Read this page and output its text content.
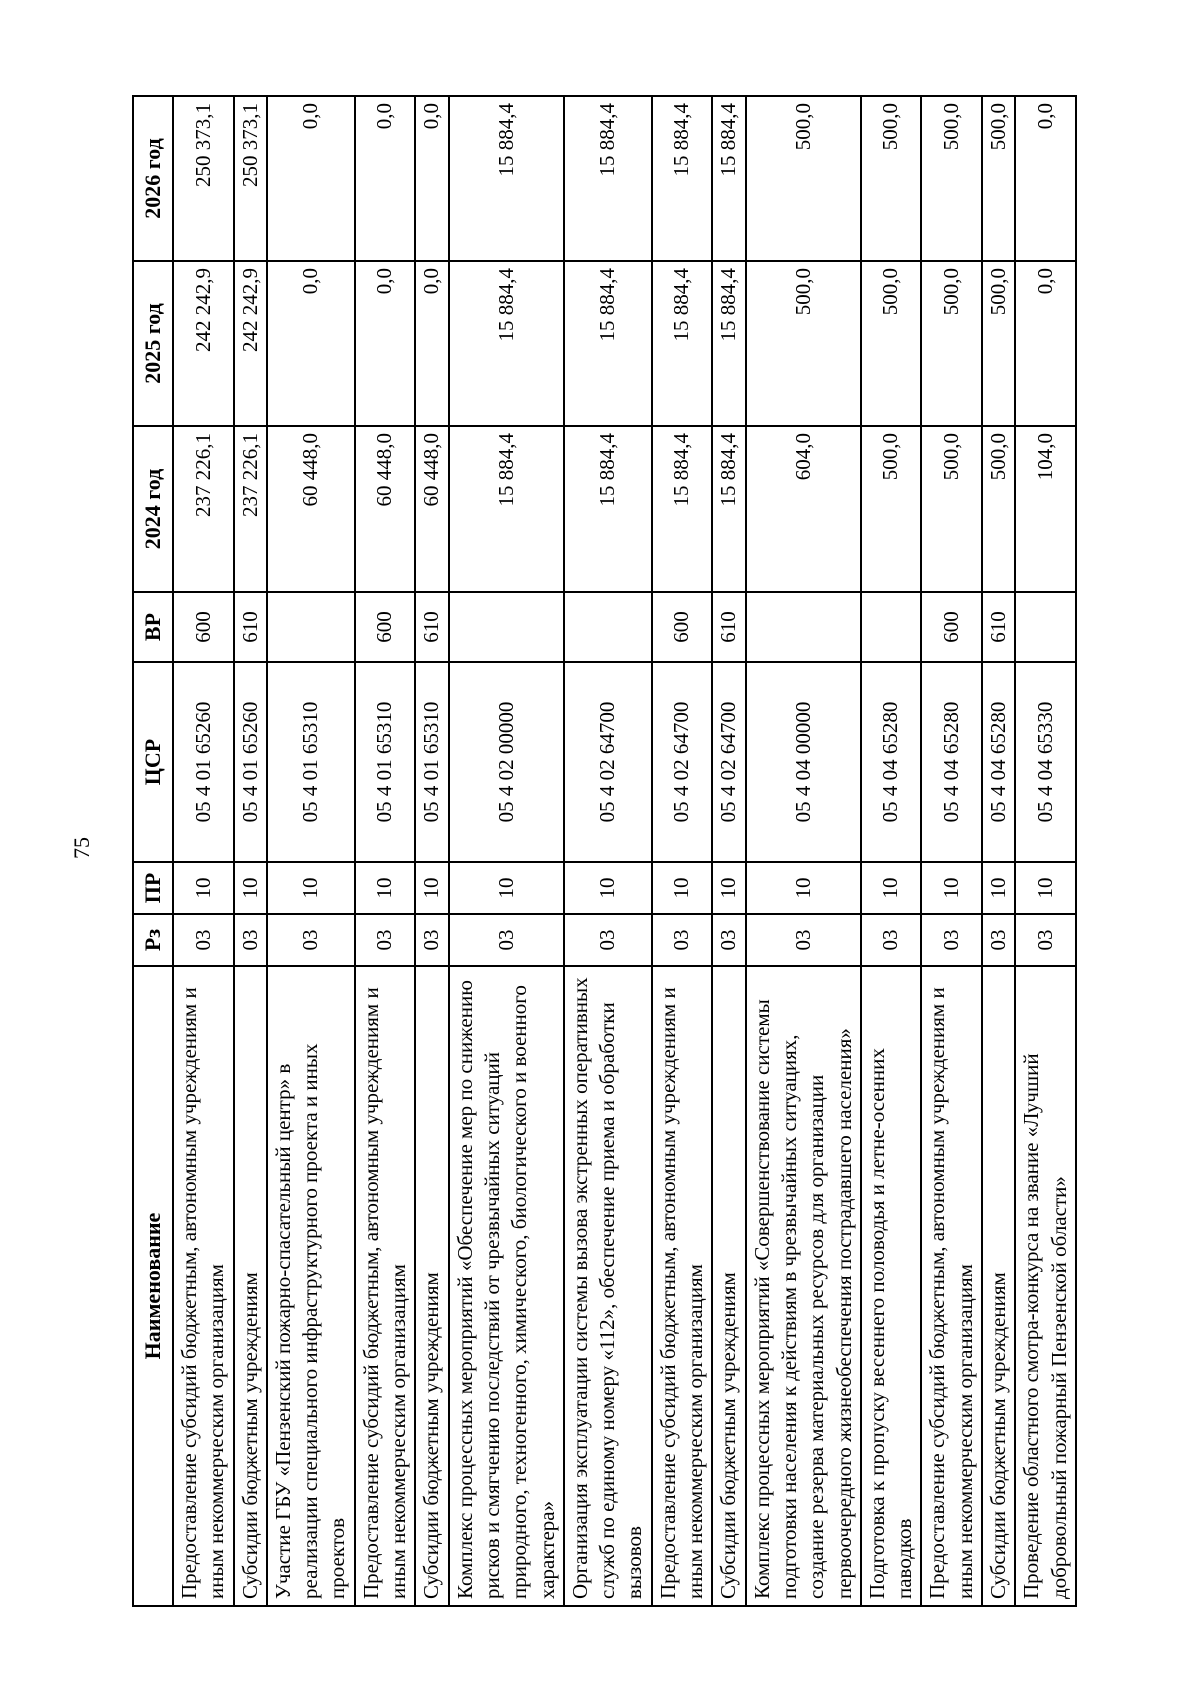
75
Наименование	Рз	ПР	ЦСР	ВР	2024 год	2025 год	2026 год
Предоставление субсидий бюджетным, автономным учреждениям и иным некоммерческим организациям	03	10	05 4 01 65260	600	237 226,1	242 242,9	250 373,1
Субсидии бюджетным учреждениям	03	10	05 4 01 65260	610	237 226,1	242 242,9	250 373,1
Участие ГБУ «Пензенский пожарно-спасательный центр» в реализации специального инфраструктурного проекта и иных проектов	03	10	05 4 01 65310		60 448,0	0,0	0,0
Предоставление субсидий бюджетным, автономным учреждениям и иным некоммерческим организациям	03	10	05 4 01 65310	600	60 448,0	0,0	0,0
Субсидии бюджетным учреждениям	03	10	05 4 01 65310	610	60 448,0	0,0	0,0
Комплекс процессных мероприятий «Обеспечение мер по снижению рисков и смягчению последствий от чрезвычайных ситуаций природного, техногенного, химического, биологического и военного характера»	03	10	05 4 02 00000		15 884,4	15 884,4	15 884,4
Организация эксплуатации системы вызова экстренных оперативных служб по единому номеру «112», обеспечение приема и обработки вызовов	03	10	05 4 02 64700		15 884,4	15 884,4	15 884,4
Предоставление субсидий бюджетным, автономным учреждениям и иным некоммерческим организациям	03	10	05 4 02 64700	600	15 884,4	15 884,4	15 884,4
Субсидии бюджетным учреждениям	03	10	05 4 02 64700	610	15 884,4	15 884,4	15 884,4
Комплекс процессных мероприятий «Совершенствование системы подготовки населения к действиям в чрезвычайных ситуациях, создание резерва материальных ресурсов для организации первоочередного жизнеобеспечения пострадавшего населения»	03	10	05 4 04 00000		604,0	500,0	500,0
Подготовка к пропуску весеннего половодья и летне-осенних паводков	03	10	05 4 04 65280		500,0	500,0	500,0
Предоставление субсидий бюджетным, автономным учреждениям и иным некоммерческим организациям	03	10	05 4 04 65280	600	500,0	500,0	500,0
Субсидии бюджетным учреждениям	03	10	05 4 04 65280	610	500,0	500,0	500,0
Проведение областного смотра-конкурса на звание «Лучший добровольный пожарный Пензенской области»	03	10	05 4 04 65330		104,0	0,0	0,0
